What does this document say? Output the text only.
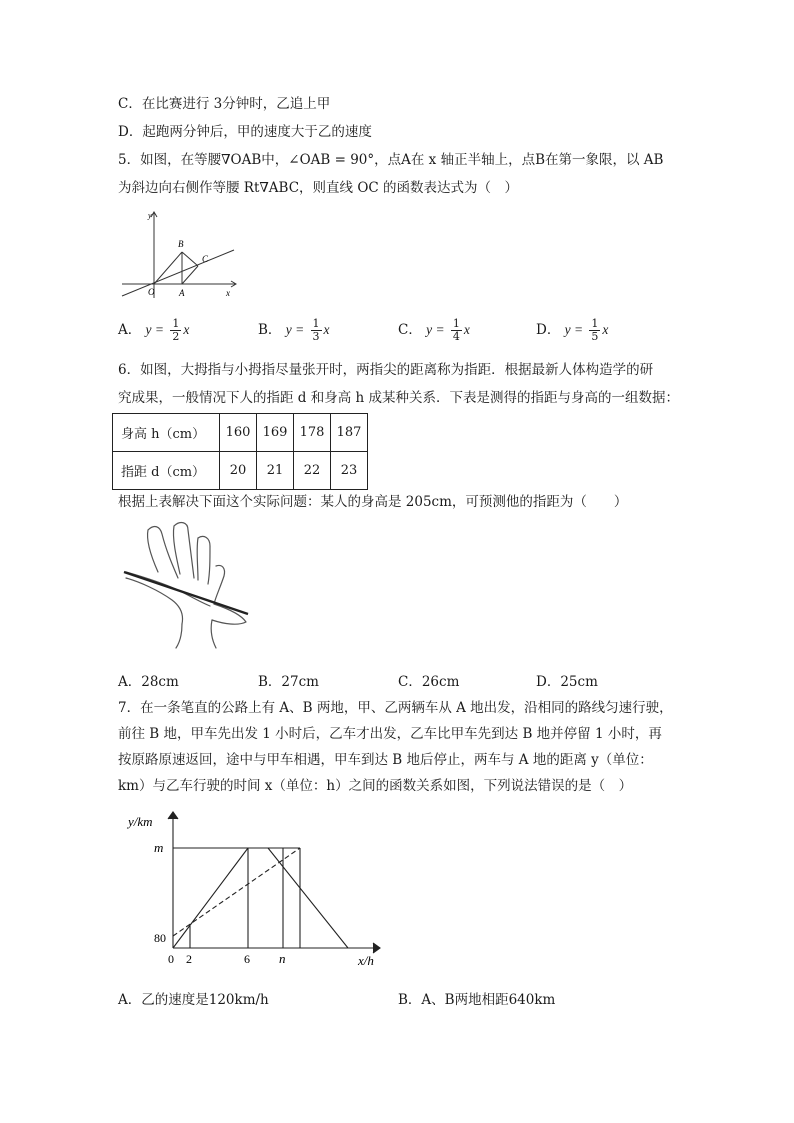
C．在比赛进行 3分钟时，乙追上甲
D．起跑两分钟后，甲的速度大于乙的速度
5．如图，在等腰∇OAB中，∠OAB = 90°，点A在 x 轴正半轴上，点B在第一象限，以 AB
为斜边向右侧作等腰 Rt∇ABC，则直线 OC 的函数表达式为（　）
y
x
O	A
B
C
A． $y = \frac{1}{2}$ x	B． $y = \frac{1}{3}$ x	C． $y = \frac{1}{4}$ x	D． $y = \frac{1}{5}$ x
6．如图，大拇指与小拇指尽量张开时，两指尖的距离称为指距．根据最新人体构造学的研
究成果，一般情况下人的指距 d 和身高 h 成某种关系．下表是测得的指距与身高的一组数据：
身高 h（cm）	160	169	178	187
指距 d（cm）	20	21	22	23
根据上表解决下面这个实际问题：某人的身高是 205cm，可预测他的指距为（　　）
A．28cm	B．27cm	C．26cm	D．25cm
7．在一条笔直的公路上有 A、B 两地，甲、乙两辆车从 A 地出发，沿相同的路线匀速行驶，
前往 B 地，甲车先出发 1 小时后，乙车才出发，乙车比甲车先到达 B 地并停留 1 小时，再
按原路原速返回，途中与甲车相遇，甲车到达 B 地后停止，两车与 A 地的距离 y（单位：
km）与乙车行驶的时间 x（单位：h）之间的函数关系如图，下列说法错误的是（　）
y/km
x/h
m
80
0 2	6 n
A．乙的速度是120km/h	B．A、B两地相距640km
